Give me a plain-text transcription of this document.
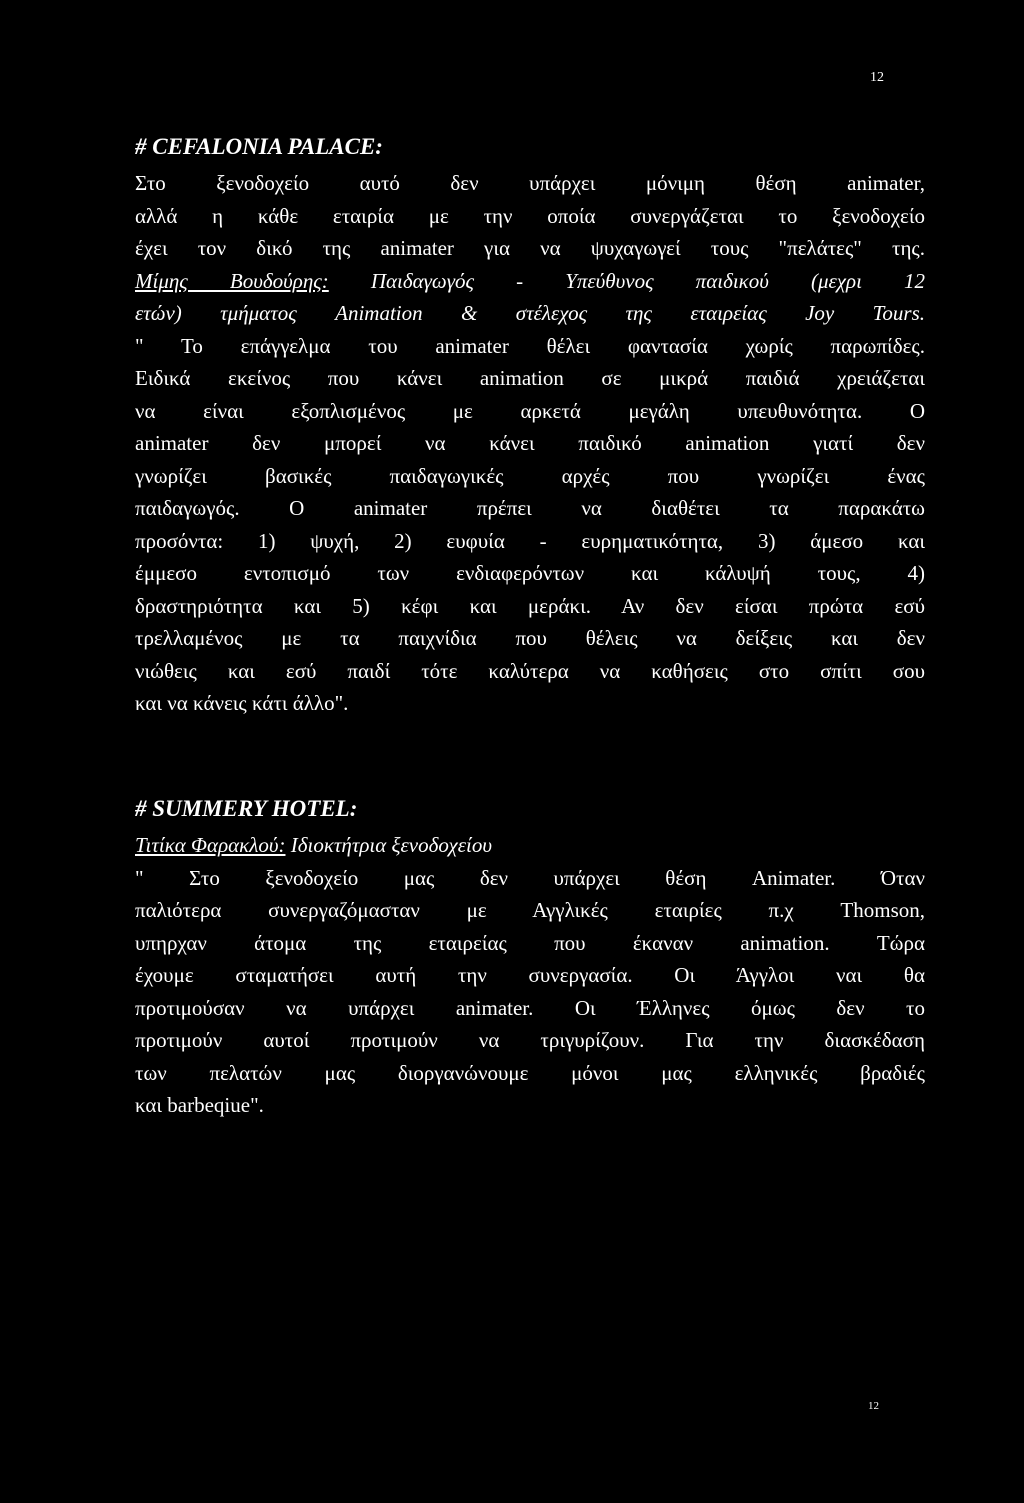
12
# CEFALONIA PALACE:
Στο ξενοδοχείο αυτό δεν υπάρχει μόνιμη θέση animater,
αλλά η κάθε εταιρία με την οποία συνεργάζεται το ξενοδοχείο
έχει τον δικό της animater για να ψυχαγωγεί τους "πελάτες" της.
Μίμης Βουδούρης: Παιδαγωγός - Υπεύθυνος παιδικού (μεχρι 12
ετών) τμήματος Animation & στέλεχος της εταιρείας Joy Tours.
" Το επάγγελμα του animater θέλει φαντασία χωρίς παρωπίδες.
Ειδικά εκείνος που κάνει animation σε μικρά παιδιά χρειάζεται
να είναι εξοπλισμένος με αρκετά μεγάλη υπευθυνότητα. Ο
animater δεν μπορεί να κάνει παιδικό animation γιατί δεν
γνωρίζει βασικές παιδαγωγικές αρχές που γνωρίζει ένας
παιδαγωγός. Ο animater πρέπει να διαθέτει τα παρακάτω
προσόντα: 1) ψυχή, 2) ευφυία - ευρηματικότητα, 3) άμεσο και
έμμεσο εντοπισμό των ενδιαφερόντων και κάλυψή τους, 4)
δραστηριότητα και 5) κέφι και μεράκι. Αν δεν είσαι πρώτα εσύ
τρελλαμένος με τα παιχνίδια που θέλεις να δείξεις και δεν
νιώθεις και εσύ παιδί τότε καλύτερα να καθήσεις στο σπίτι σου
και να κάνεις κάτι άλλο".
# SUMMERY HOTEL:
Τιτίκα Φαρακλού: Ιδιοκτήτρια ξενοδοχείου
" Στο ξενοδοχείο μας δεν υπάρχει θέση Animater. Όταν
παλιότερα συνεργαζόμασταν με Αγγλικές εταιρίες π.χ Thomson,
υπηρχαν άτομα της εταιρείας που έκαναν animation. Τώρα
έχουμε σταματήσει αυτή την συνεργασία. Οι Άγγλοι ναι θα
προτιμούσαν να υπάρχει animater. Οι Έλληνες όμως δεν το
προτιμούν αυτοί προτιμούν να τριγυρίζουν. Για την διασκέδαση
των πελατών μας διοργανώνουμε μόνοι μας ελληνικές βραδιές
και barbeqiue".
12
